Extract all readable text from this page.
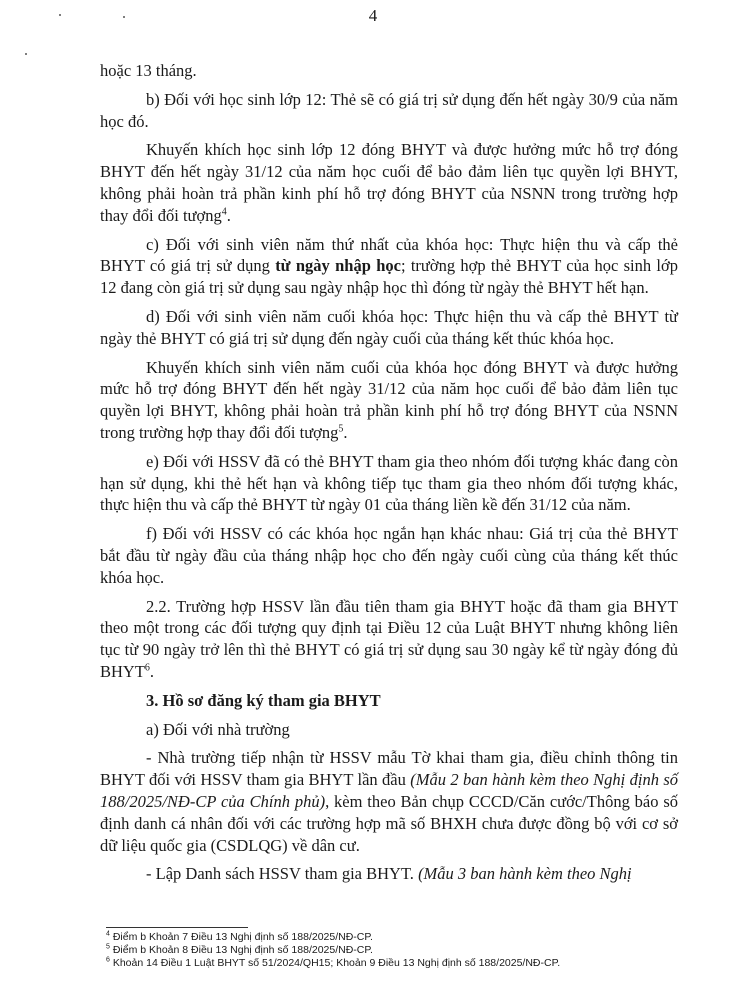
4

hoặc 13 tháng.

b) Đối với học sinh lớp 12: Thẻ sẽ có giá trị sử dụng đến hết ngày 30/9 của năm học đó.

Khuyến khích học sinh lớp 12 đóng BHYT và được hưởng mức hỗ trợ đóng BHYT đến hết ngày 31/12 của năm học cuối để bảo đảm liên tục quyền lợi BHYT, không phải hoàn trả phần kinh phí hỗ trợ đóng BHYT của NSNN trong trường hợp thay đổi đối tượng$^4$.

c) Đối với sinh viên năm thứ nhất của khóa học: Thực hiện thu và cấp thẻ BHYT có giá trị sử dụng từ ngày nhập học; trường hợp thẻ BHYT của học sinh lớp 12 đang còn giá trị sử dụng sau ngày nhập học thì đóng từ ngày thẻ BHYT hết hạn.

d) Đối với sinh viên năm cuối khóa học: Thực hiện thu và cấp thẻ BHYT từ ngày thẻ BHYT có giá trị sử dụng đến ngày cuối của tháng kết thúc khóa học.

Khuyến khích sinh viên năm cuối của khóa học đóng BHYT và được hưởng mức hỗ trợ đóng BHYT đến hết ngày 31/12 của năm học cuối để bảo đảm liên tục quyền lợi BHYT, không phải hoàn trả phần kinh phí hỗ trợ đóng BHYT của NSNN trong trường hợp thay đổi đối tượng$^5$.

e) Đối với HSSV đã có thẻ BHYT tham gia theo nhóm đối tượng khác đang còn hạn sử dụng, khi thẻ hết hạn và không tiếp tục tham gia theo nhóm đối tượng khác, thực hiện thu và cấp thẻ BHYT từ ngày 01 của tháng liền kề đến 31/12 của năm.

f) Đối với HSSV có các khóa học ngắn hạn khác nhau: Giá trị của thẻ BHYT bắt đầu từ ngày đầu của tháng nhập học cho đến ngày cuối cùng của tháng kết thúc khóa học.

2.2. Trường hợp HSSV lần đầu tiên tham gia BHYT hoặc đã tham gia BHYT theo một trong các đối tượng quy định tại Điều 12 của Luật BHYT nhưng không liên tục từ 90 ngày trở lên thì thẻ BHYT có giá trị sử dụng sau 30 ngày kể từ ngày đóng đủ BHYT$^6$.

3. Hồ sơ đăng ký tham gia BHYT

a) Đối với nhà trường

- Nhà trường tiếp nhận từ HSSV mẫu Tờ khai tham gia, điều chỉnh thông tin BHYT đối với HSSV tham gia BHYT lần đầu (Mẫu 2 ban hành kèm theo Nghị định số 188/2025/NĐ-CP của Chính phủ), kèm theo Bản chụp CCCD/Căn cước/Thông báo số định danh cá nhân đối với các trường hợp mã số BHXH chưa được đồng bộ với cơ sở dữ liệu quốc gia (CSDLQG) về dân cư.

- Lập Danh sách HSSV tham gia BHYT. (Mẫu 3 ban hành kèm theo Nghị

$^4$ Điểm b Khoản 7 Điều 13 Nghị định số 188/2025/NĐ-CP.
$^5$ Điểm b Khoản 8 Điều 13 Nghị định số 188/2025/NĐ-CP.
$^6$ Khoản 14 Điều 1 Luật BHYT số 51/2024/QH15; Khoản 9 Điều 13 Nghị định số 188/2025/NĐ-CP.
